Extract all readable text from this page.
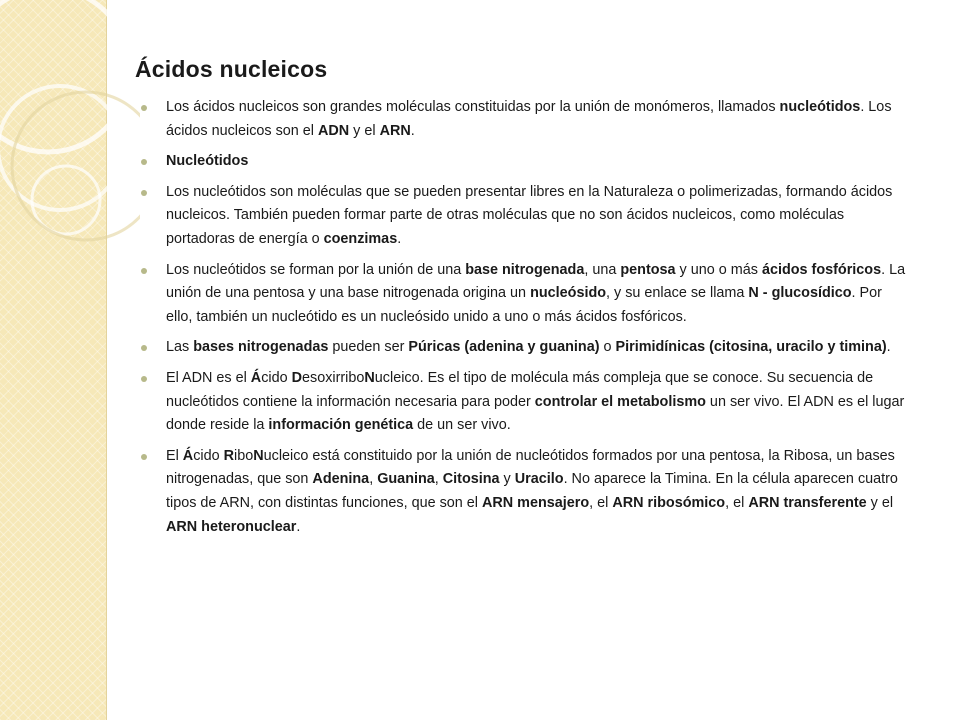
Ácidos nucleicos
Los ácidos nucleicos son grandes moléculas constituidas por la unión de monómeros, llamados nucleótidos. Los ácidos nucleicos son el ADN y el ARN.
Nucleótidos
Los nucleótidos son moléculas que se pueden presentar libres en la Naturaleza o polimerizadas, formando ácidos nucleicos. También pueden formar parte de otras moléculas que no son ácidos nucleicos, como moléculas portadoras de energía o coenzimas.
Los nucleótidos se forman por la unión de una base nitrogenada, una pentosa y uno o más ácidos fosfóricos. La unión de una pentosa y una base nitrogenada origina un nucleósido, y su enlace se llama N - glucosídico. Por ello, también un nucleótido es un nucleósido unido a uno o más ácidos fosfóricos.
Las bases nitrogenadas pueden ser Púricas (adenina y guanina) o Pirimidínicas (citosina, uracilo y timina).
El ADN es el Ácido DesoxirriboNucleico. Es el tipo de molécula más compleja que se conoce. Su secuencia de nucleótidos contiene la información necesaria para poder controlar el metabolismo un ser vivo. El ADN es el lugar donde reside la información genética de un ser vivo.
El Ácido RiboNucleico está constituido por la unión de nucleótidos formados por una pentosa, la Ribosa, un bases nitrogenadas, que son Adenina, Guanina, Citosina y Uracilo. No aparece la Timina. En la célula aparecen cuatro tipos de ARN, con distintas funciones, que son el ARN mensajero, el ARN ribosómico, el ARN transferente y el ARN heteronuclear.
